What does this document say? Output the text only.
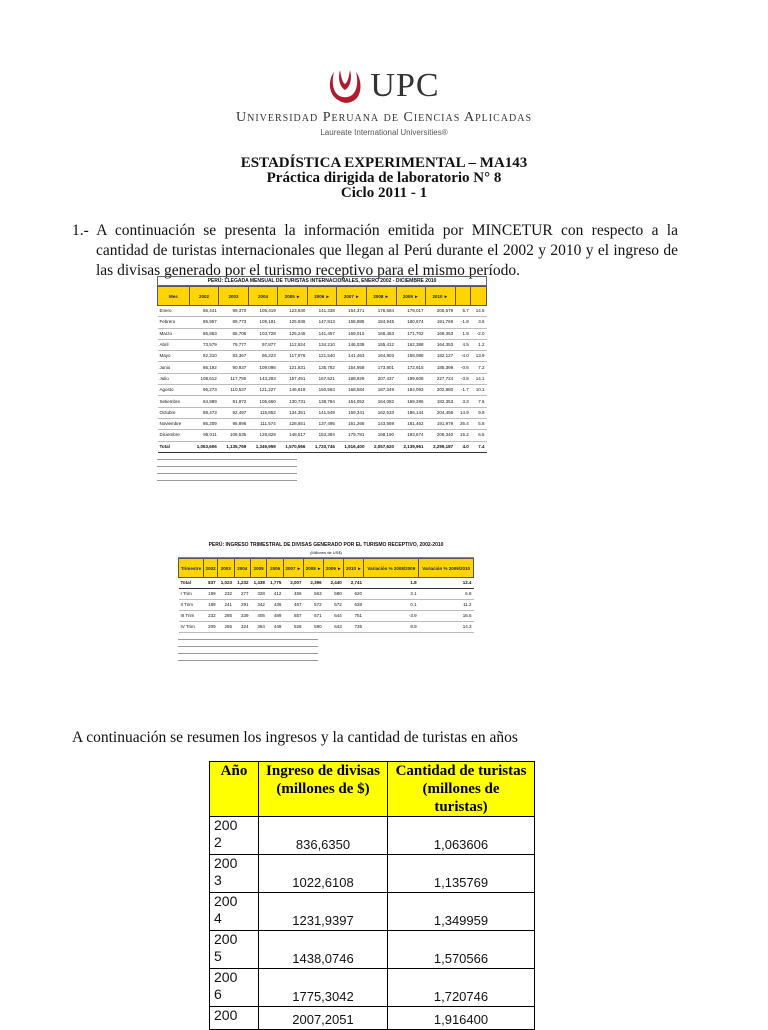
UPC
Universidad Peruana de Ciencias Aplicadas
Laureate International Universities®
ESTADÍSTICA EXPERIMENTAL – MA143
Práctica dirigida de laboratorio N° 8
Ciclo 2011 - 1
1.- A continuación se presenta la información emitida por MINCETUR con respecto a la
cantidad de turistas internacionales que llegan al Perú durante el 2002 y 2010 y el ingreso de
las divisas generado por el turismo receptivo para el mismo período.
PERÚ: LLEGADA MENSUAL DE TURISTAS INTERNACIONALES, ENERO 2002 - DICIEMBRE 2010
Mes	2002	2003	2004	2005 ►	2006 ►	2007 ►	2008 ►	2009 ►	2010 ►		
Enero	86,441	99,370	105,419	123,930	141,338	154,371	176,584	179,017	205,579	5.7	14.5
Febrero	85,957	89,773	109,191	125,936	147,813	158,885	184,945	180,674	191,769	-1.8	3.6
Marzo	86,863	85,706	103,728	125,245	141,457	159,010	168,463	171,702	168,353	1.9	-2.0
Abril	73,579	79,777	97,877	112,924	134,210	146,039	155,412	162,388	164,353	4.5	1.2
Mayo	82,310	83,367	96,223	117,976	121,540	141,463	164,903	158,088	182,127	-4.0	13.9
Junio	86,192	90,937	109,098	121,831	135,782	154,958	173,801	172,915	185,399	-0.6	7.2
Julio	108,612	117,780	143,283	157,451	167,521	188,929	207,437	199,608	227,724	-3.8	14.1
Agosto	96,273	110,537	121,227	146,818	150,563	168,584	187,349	184,093	202,880	-1.7	10.1
Setiembre	84,989	91,972	105,660	130,731	138,794	154,052	164,082	169,286	182,353	3.3	7.6
Octubre	88,473	92,497	115,852	134,351	141,549	159,341	162,533	186,144	204,456	14.9	9.8
Noviembre	86,209	95,896	111,574	128,651	137,495	161,266	143,569	181,462	191,979	26.4	5.8
Diciembre	95,011	108,535	128,829	148,517	153,394	179,781	168,190	193,674	208,340	15.2	6.5
Total	1,063,606	1,135,769	1,349,959	1,570,566	1,720,746	1,916,400	2,057,620	2,139,961	2,299,187	4.0	7.4
PERÚ: INGRESO TRIMESTRAL DE DIVISAS GENERADO POR EL TURISMO RECEPTIVO, 2002-2010
(Millones de US$)
Trimestre	2002	2003	2004	2005	2006	2007 ►	2008 ►	2009 ►	2010 ►	Variación % 2008/2009	Variación % 2009/2010
Total	837	1,023	1,232	1,438	1,775	2,007	2,396	2,440	2,741	1.8	12.4
I Trim	199	232	277	328	412	456	563	580	620	3.1	6.8
II Trim	188	241	291	342	436	467	572	572	638	0.1	11.2
III Trim	232	285	339	405	489	557	671	644	751	-3.9	16.5
IV Trim	209	265	324	364	449	528	590	643	735	8.9	14.3
A continuación se resumen los ingresos y la cantidad de turistas en años
Año	Ingreso de divisas (millones de $)	Cantidad de turistas (millones de turistas)

200
2	836,6350	1,063606

200
3	1022,6108	1,135769

200
4	1231,9397	1,349959

200
5	1438,0746	1,570566

200
6	1775,3042	1,720746

200	2007,2051	1,916400
